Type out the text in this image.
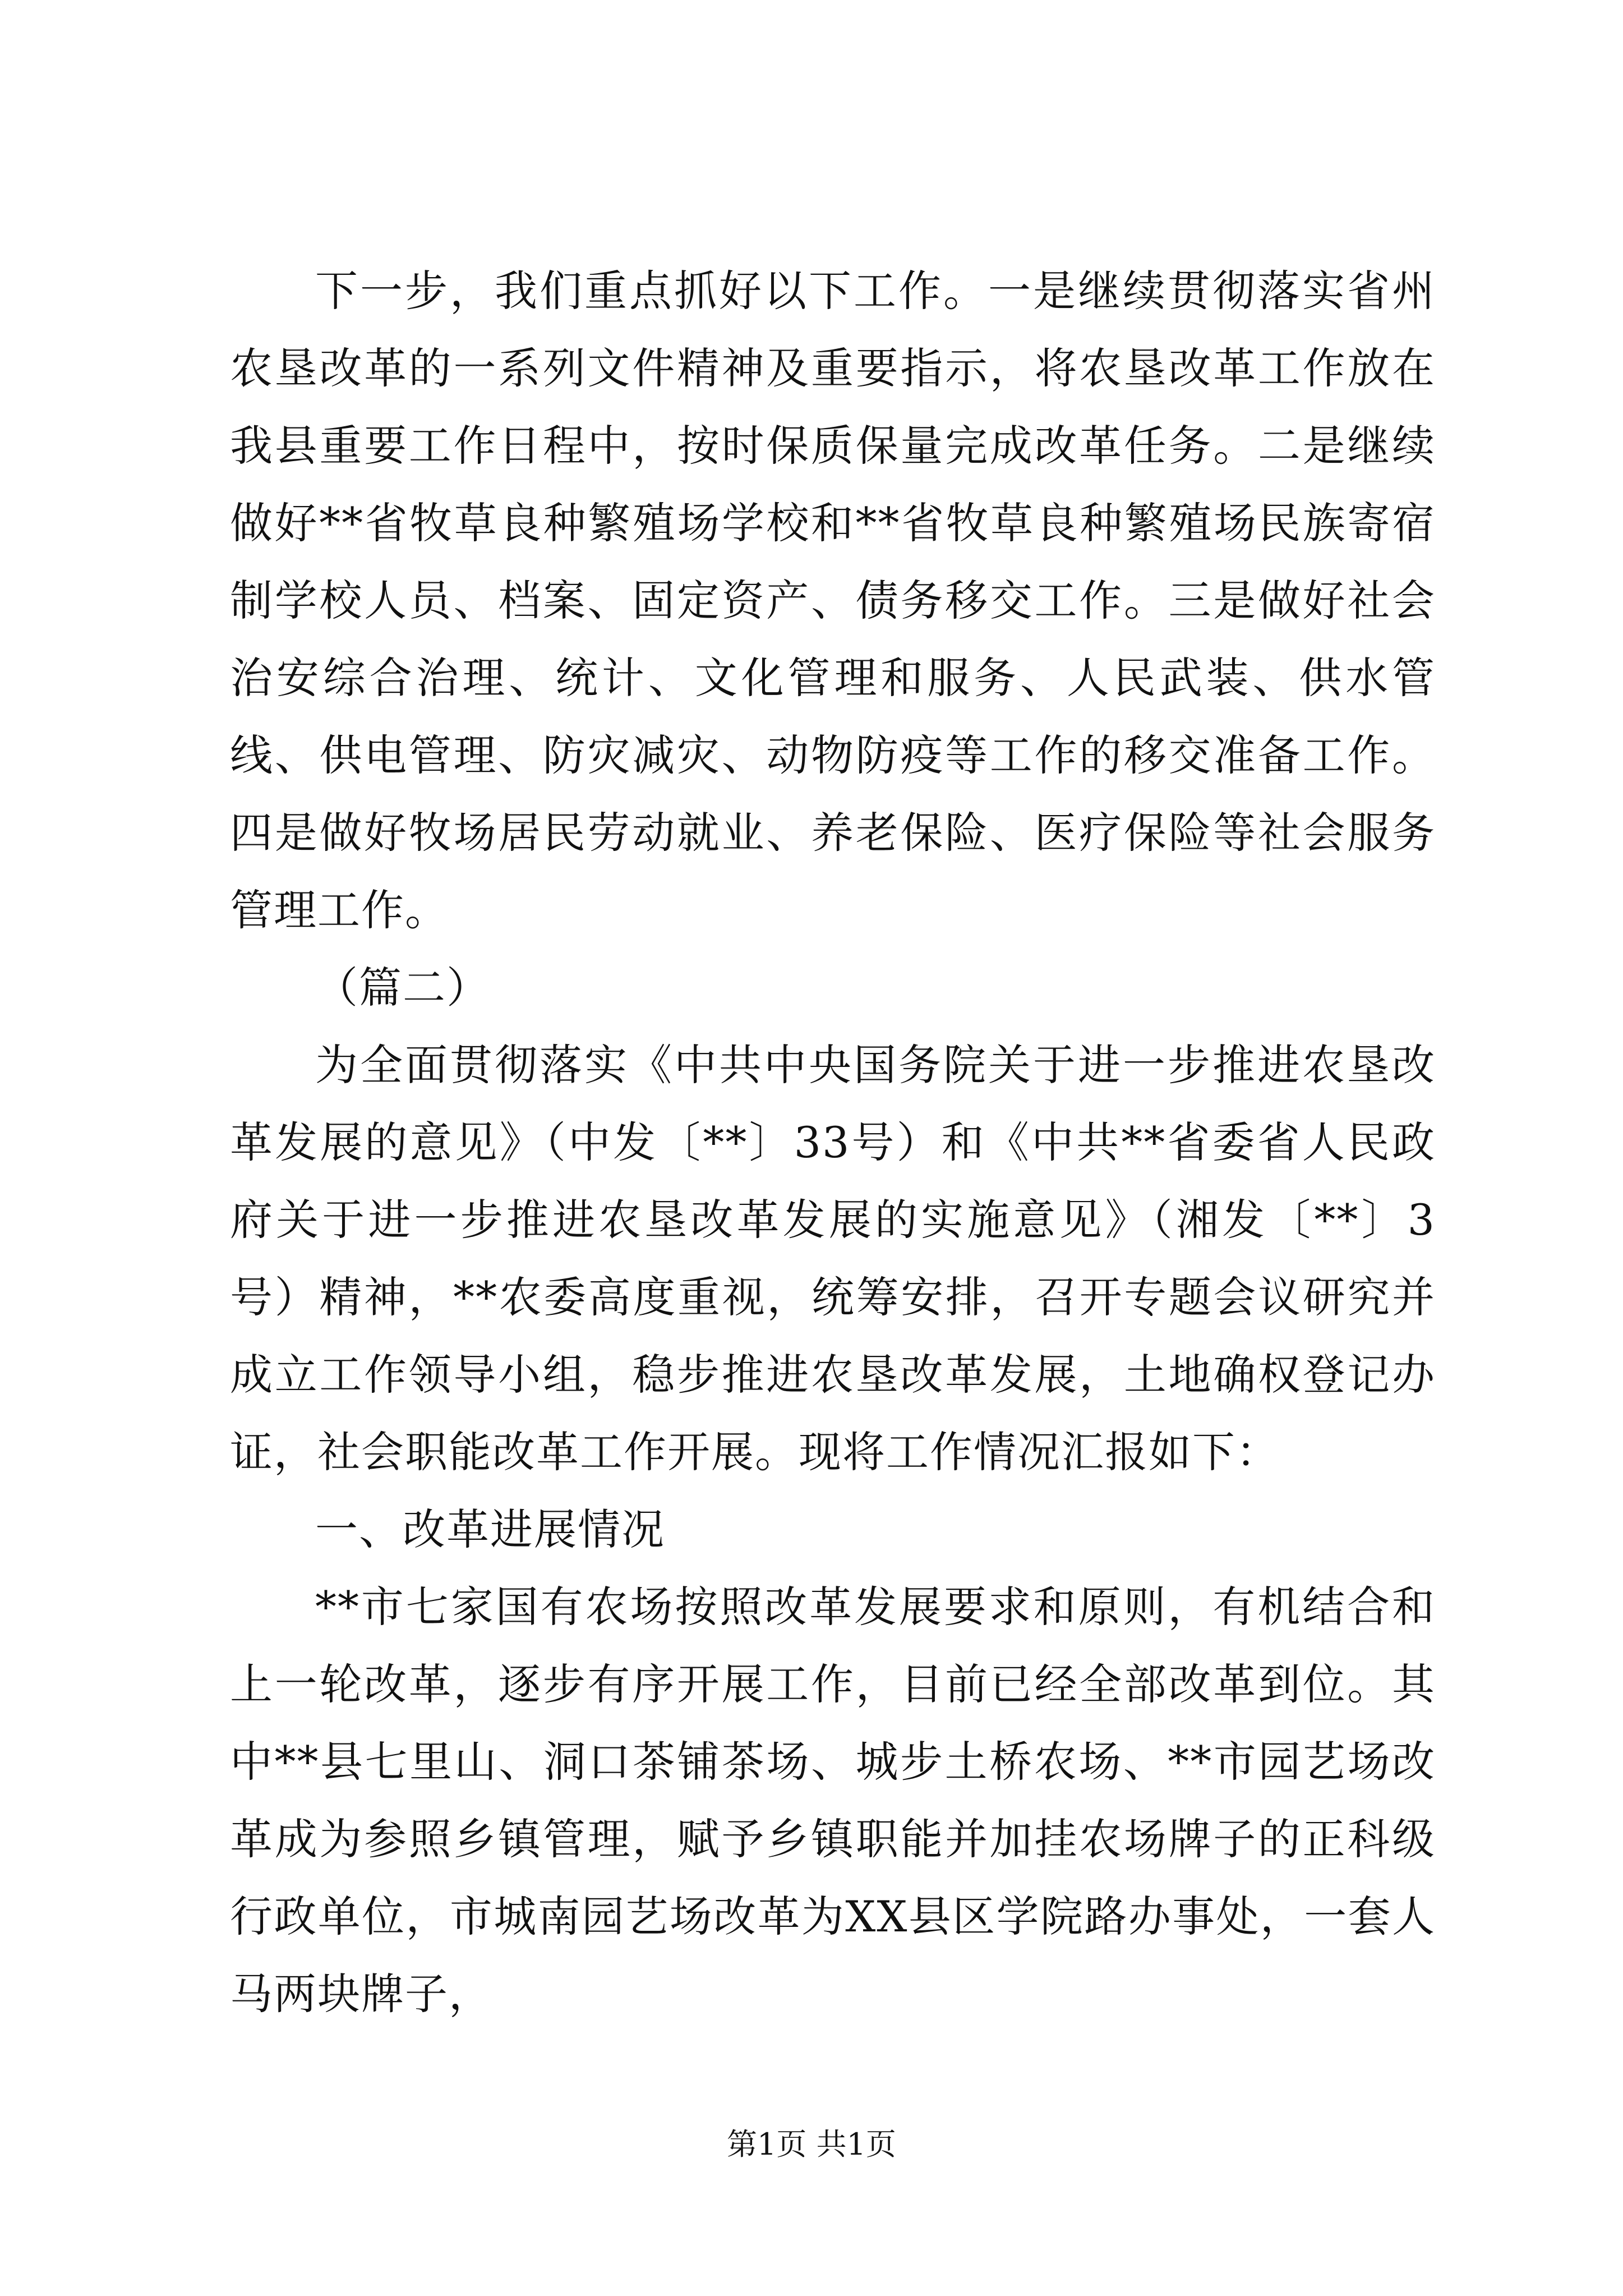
下一步，我们重点抓好以下工作。一是继续贯彻落实省州农垦改革的一系列文件精神及重要指示，将农垦改革工作放在我县重要工作日程中，按时保质保量完成改革任务。二是继续做好**省牧草良种繁殖场学校和**省牧草良种繁殖场民族寄宿制学校人员、档案、固定资产、债务移交工作。三是做好社会治安综合治理、统计、文化管理和服务、人民武装、供水管线、供电管理、防灾减灾、动物防疫等工作的移交准备工作。四是做好牧场居民劳动就业、养老保险、医疗保险等社会服务管理工作。

（篇二）

为全面贯彻落实《中共中央国务院关于进一步推进农垦改革发展的意见》（中发〔**〕33号）和《中共**省委省人民政府关于进一步推进农垦改革发展的实施意见》（湘发〔**〕3号）精神，**农委高度重视，统筹安排，召开专题会议研究并成立工作领导小组，稳步推进农垦改革发展，土地确权登记办证，社会职能改革工作开展。现将工作情况汇报如下：

一、改革进展情况

**市七家国有农场按照改革发展要求和原则，有机结合和上一轮改革，逐步有序开展工作，目前已经全部改革到位。其中**县七里山、洞口茶铺茶场、城步土桥农场、**市园艺场改革成为参照乡镇管理，赋予乡镇职能并加挂农场牌子的正科级行政单位，市城南园艺场改革为XX县区学院路办事处，一套人马两块牌子，

第1页 共1页
